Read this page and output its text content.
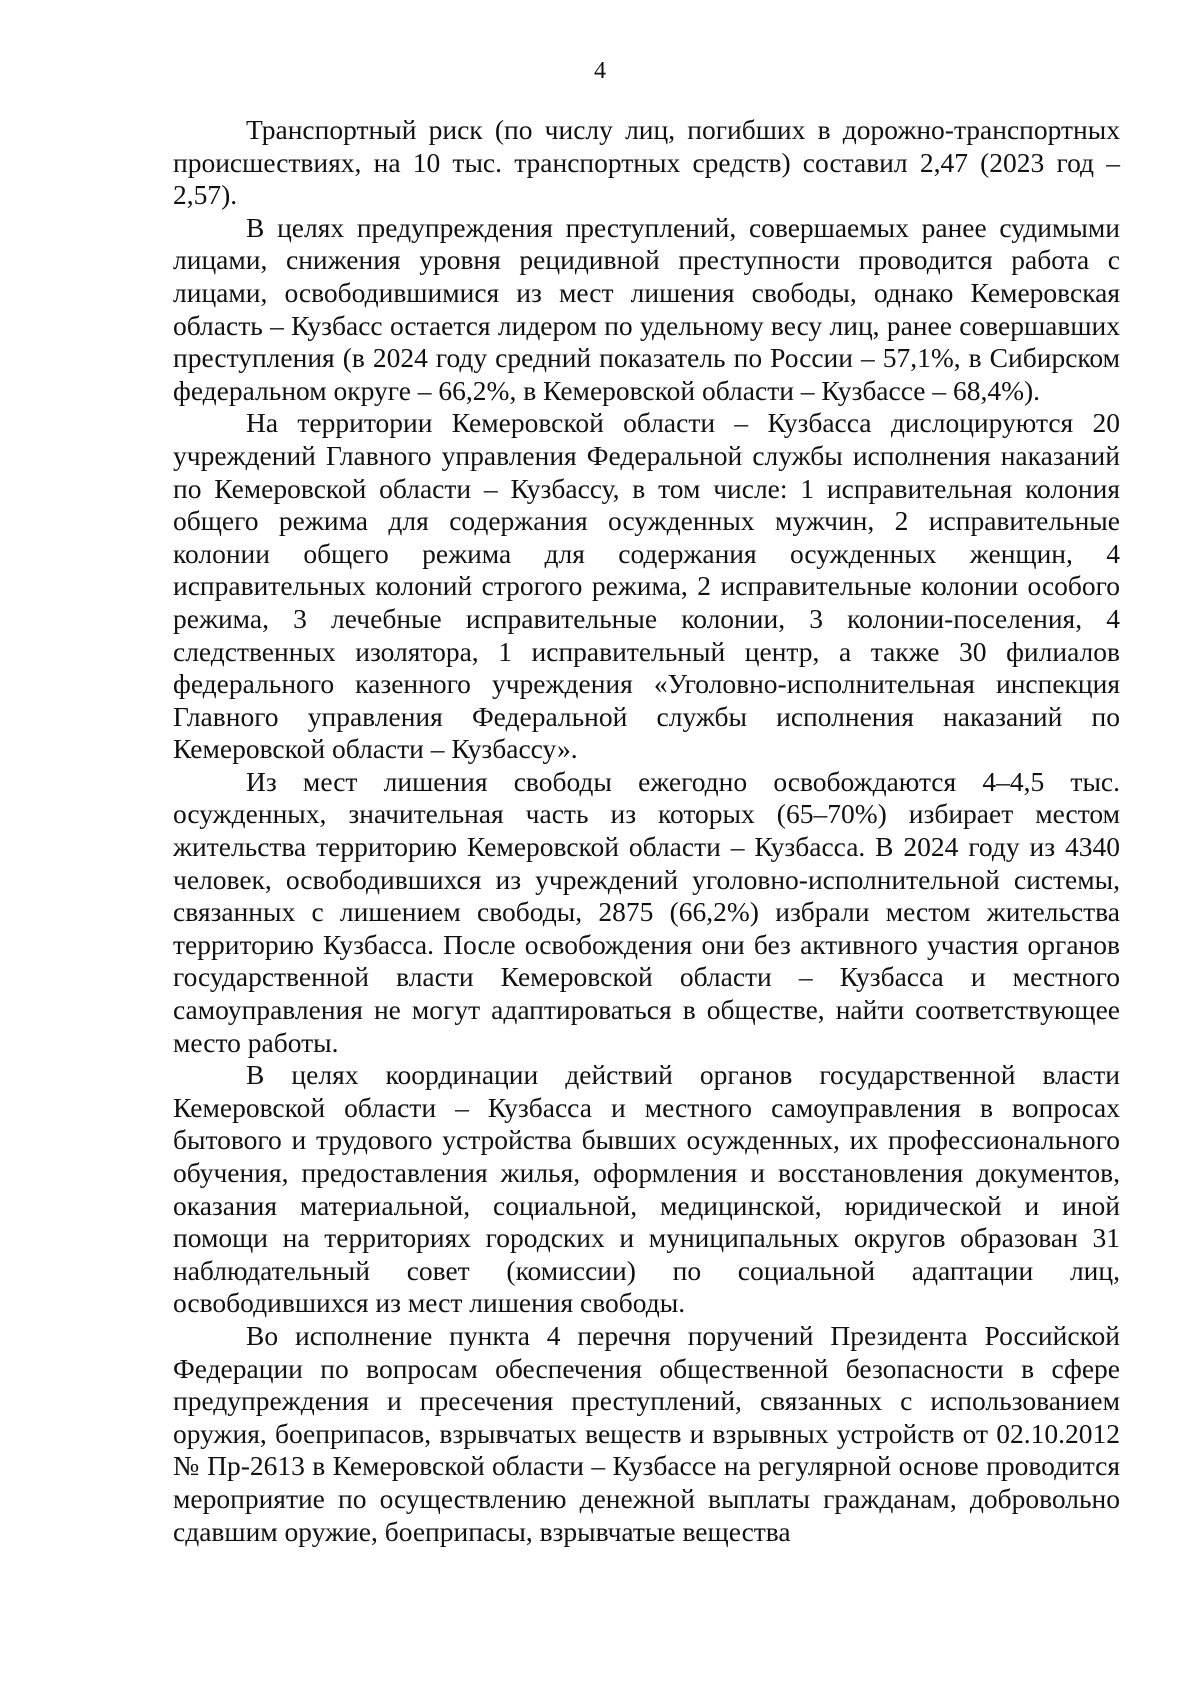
4

Транспортный риск (по числу лиц, погибших в дорожно-транспортных происшествиях, на 10 тыс. транспортных средств) составил 2,47 (2023 год – 2,57).

В целях предупреждения преступлений, совершаемых ранее судимыми лицами, снижения уровня рецидивной преступности проводится работа с лицами, освободившимися из мест лишения свободы, однако Кемеровская область – Кузбасс остается лидером по удельному весу лиц, ранее совершавших преступления (в 2024 году средний показатель по России – 57,1%, в Сибирском федеральном округе – 66,2%, в Кемеровской области – Кузбассе – 68,4%).

На территории Кемеровской области – Кузбасса дислоцируются 20 учреждений Главного управления Федеральной службы исполнения наказаний по Кемеровской области – Кузбассу, в том числе: 1 исправительная колония общего режима для содержания осужденных мужчин, 2 исправительные колонии общего режима для содержания осужденных женщин, 4 исправительных колоний строгого режима, 2 исправительные колонии особого режима, 3 лечебные исправительные колонии, 3 колонии-поселения, 4 следственных изолятора, 1 исправительный центр, а также 30 филиалов федерального казенного учреждения «Уголовно-исполнительная инспекция Главного управления Федеральной службы исполнения наказаний по Кемеровской области – Кузбассу».

Из мест лишения свободы ежегодно освобождаются 4–4,5 тыс. осужденных, значительная часть из которых (65–70%) избирает местом жительства территорию Кемеровской области – Кузбасса. В 2024 году из 4340 человек, освободившихся из учреждений уголовно-исполнительной системы, связанных с лишением свободы, 2875 (66,2%) избрали местом жительства территорию Кузбасса. После освобождения они без активного участия органов государственной власти Кемеровской области – Кузбасса и местного самоуправления не могут адаптироваться в обществе, найти соответствующее место работы.

В целях координации действий органов государственной власти Кемеровской области – Кузбасса и местного самоуправления в вопросах бытового и трудового устройства бывших осужденных, их профессионального обучения, предоставления жилья, оформления и восстановления документов, оказания материальной, социальной, медицинской, юридической и иной помощи на территориях городских и муниципальных округов образован 31 наблюдательный совет (комиссии) по социальной адаптации лиц, освободившихся из мест лишения свободы.

Во исполнение пункта 4 перечня поручений Президента Российской Федерации по вопросам обеспечения общественной безопасности в сфере предупреждения и пресечения преступлений, связанных с использованием оружия, боеприпасов, взрывчатых веществ и взрывных устройств от 02.10.2012 № Пр-2613 в Кемеровской области – Кузбассе на регулярной основе проводится мероприятие по осуществлению денежной выплаты гражданам, добровольно сдавшим оружие, боеприпасы, взрывчатые вещества
